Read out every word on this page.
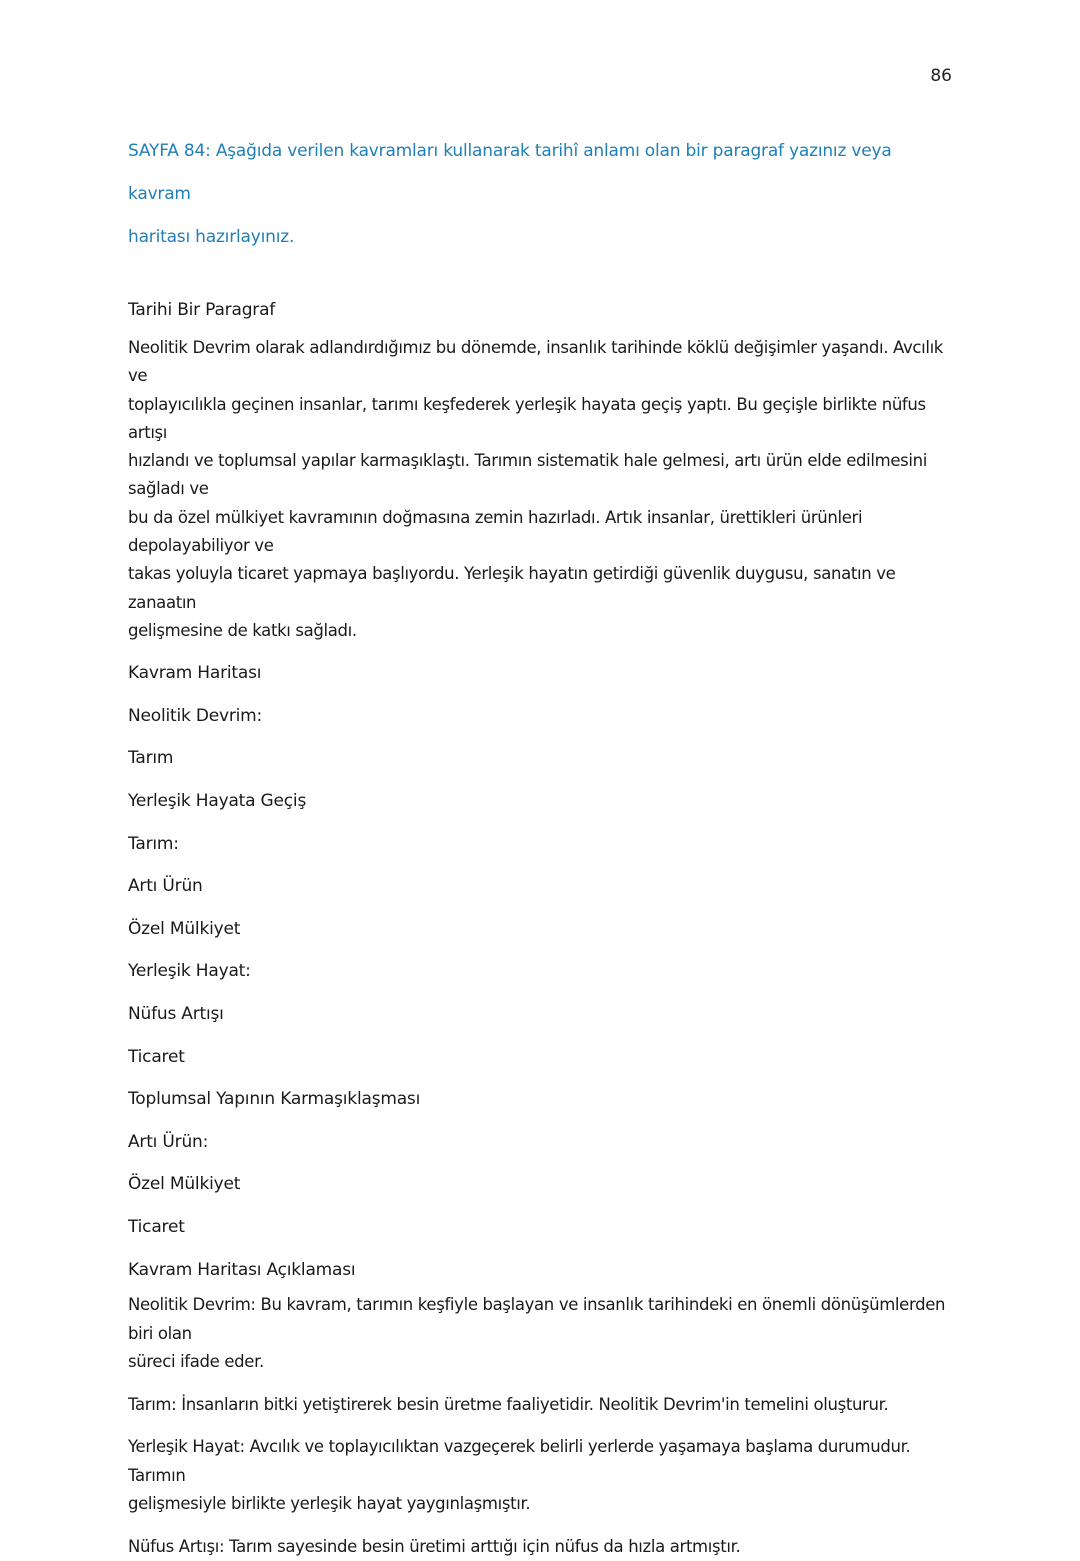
86

SAYFA 84: Aşağıda verilen kavramları kullanarak tarihî anlamı olan bir paragraf yazınız veya kavram

haritası hazırlayınız.

Tarihi Bir Paragraf

Neolitik Devrim olarak adlandırdığımız bu dönemde, insanlık tarihinde köklü değişimler yaşandı. Avcılık ve

toplayıcılıkla geçinen insanlar, tarımı keşfederek yerleşik hayata geçiş yaptı. Bu geçişle birlikte nüfus artışı

hızlandı ve toplumsal yapılar karmaşıklaştı. Tarımın sistematik hale gelmesi, artı ürün elde edilmesini sağladı ve

bu da özel mülkiyet kavramının doğmasına zemin hazırladı. Artık insanlar, ürettikleri ürünleri depolayabiliyor ve

takas yoluyla ticaret yapmaya başlıyordu. Yerleşik hayatın getirdiği güvenlik duygusu, sanatın ve zanaatın

gelişmesine de katkı sağladı.

Kavram Haritası

Neolitik Devrim:

Tarım

Yerleşik Hayata Geçiş

Tarım:

Artı Ürün

Özel Mülkiyet

Yerleşik Hayat:

Nüfus Artışı

Ticaret

Toplumsal Yapının Karmaşıklaşması

Artı Ürün:

Özel Mülkiyet

Ticaret

Kavram Haritası Açıklaması

Neolitik Devrim: Bu kavram, tarımın keşfiyle başlayan ve insanlık tarihindeki en önemli dönüşümlerden biri olan

süreci ifade eder.

Tarım: İnsanların bitki yetiştirerek besin üretme faaliyetidir. Neolitik Devrim'in temelini oluşturur.

Yerleşik Hayat: Avcılık ve toplayıcılıktan vazgeçerek belirli yerlerde yaşamaya başlama durumudur. Tarımın

gelişmesiyle birlikte yerleşik hayat yaygınlaşmıştır.

Nüfus Artışı: Tarım sayesinde besin üretimi arttığı için nüfus da hızla artmıştır.
